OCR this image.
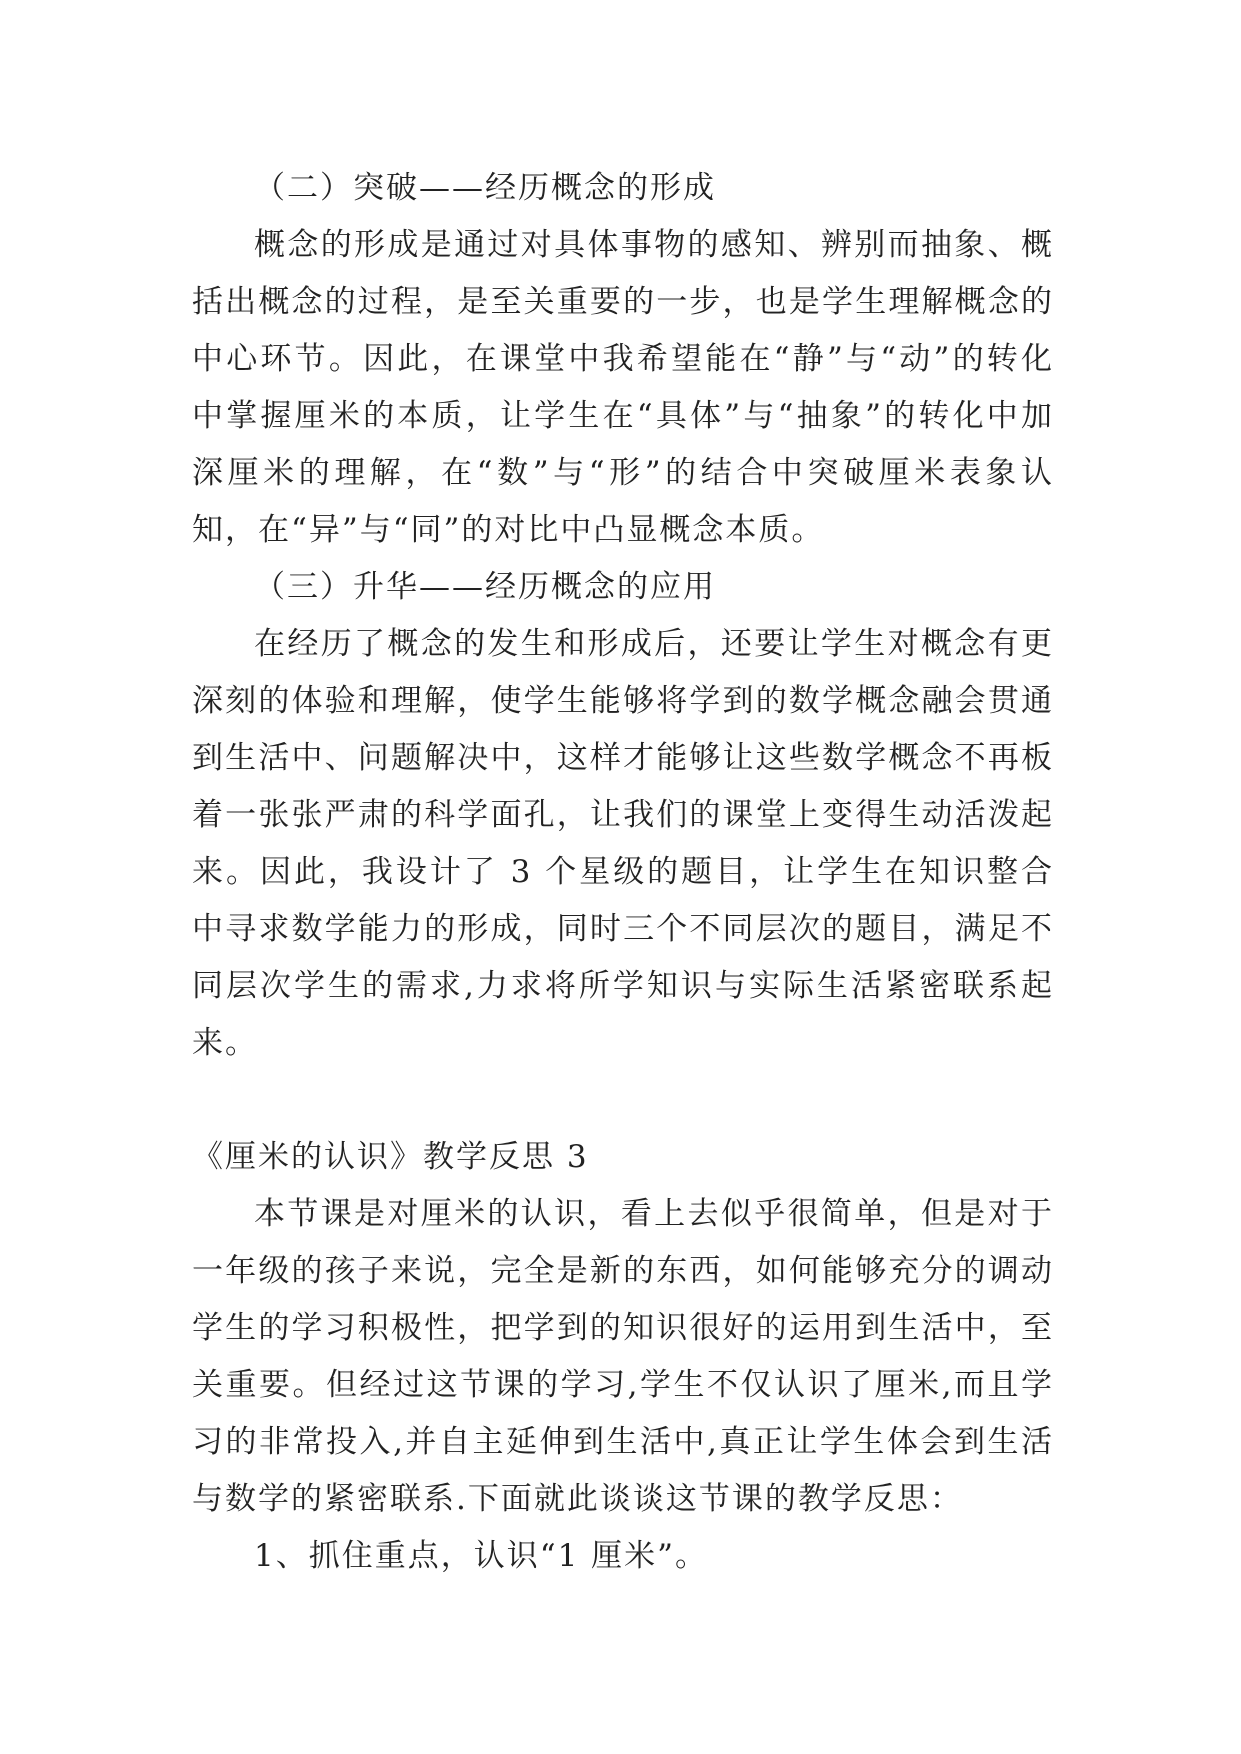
（二）突破——经历概念的形成

概念的形成是通过对具体事物的感知、辨别而抽象、概括出概念的过程，是至关重要的一步，也是学生理解概念的中心环节。因此，在课堂中我希望能在“静”与“动”的转化中掌握厘米的本质，让学生在“具体”与“抽象”的转化中加深厘米的理解，在“数”与“形”的结合中突破厘米表象认知，在“异”与“同”的对比中凸显概念本质。

（三）升华——经历概念的应用

在经历了概念的发生和形成后，还要让学生对概念有更深刻的体验和理解，使学生能够将学到的数学概念融会贯通到生活中、问题解决中，这样才能够让这些数学概念不再板着一张张严肃的科学面孔，让我们的课堂上变得生动活泼起来。因此，我设计了 3 个星级的题目，让学生在知识整合中寻求数学能力的形成，同时三个不同层次的题目，满足不同层次学生的需求,力求将所学知识与实际生活紧密联系起来。

《厘米的认识》教学反思 3

本节课是对厘米的认识，看上去似乎很简单，但是对于一年级的孩子来说，完全是新的东西，如何能够充分的调动学生的学习积极性，把学到的知识很好的运用到生活中，至关重要。但经过这节课的学习,学生不仅认识了厘米,而且学习的非常投入,并自主延伸到生活中,真正让学生体会到生活与数学的紧密联系.下面就此谈谈这节课的教学反思：

1、抓住重点，认识“1 厘米”。
